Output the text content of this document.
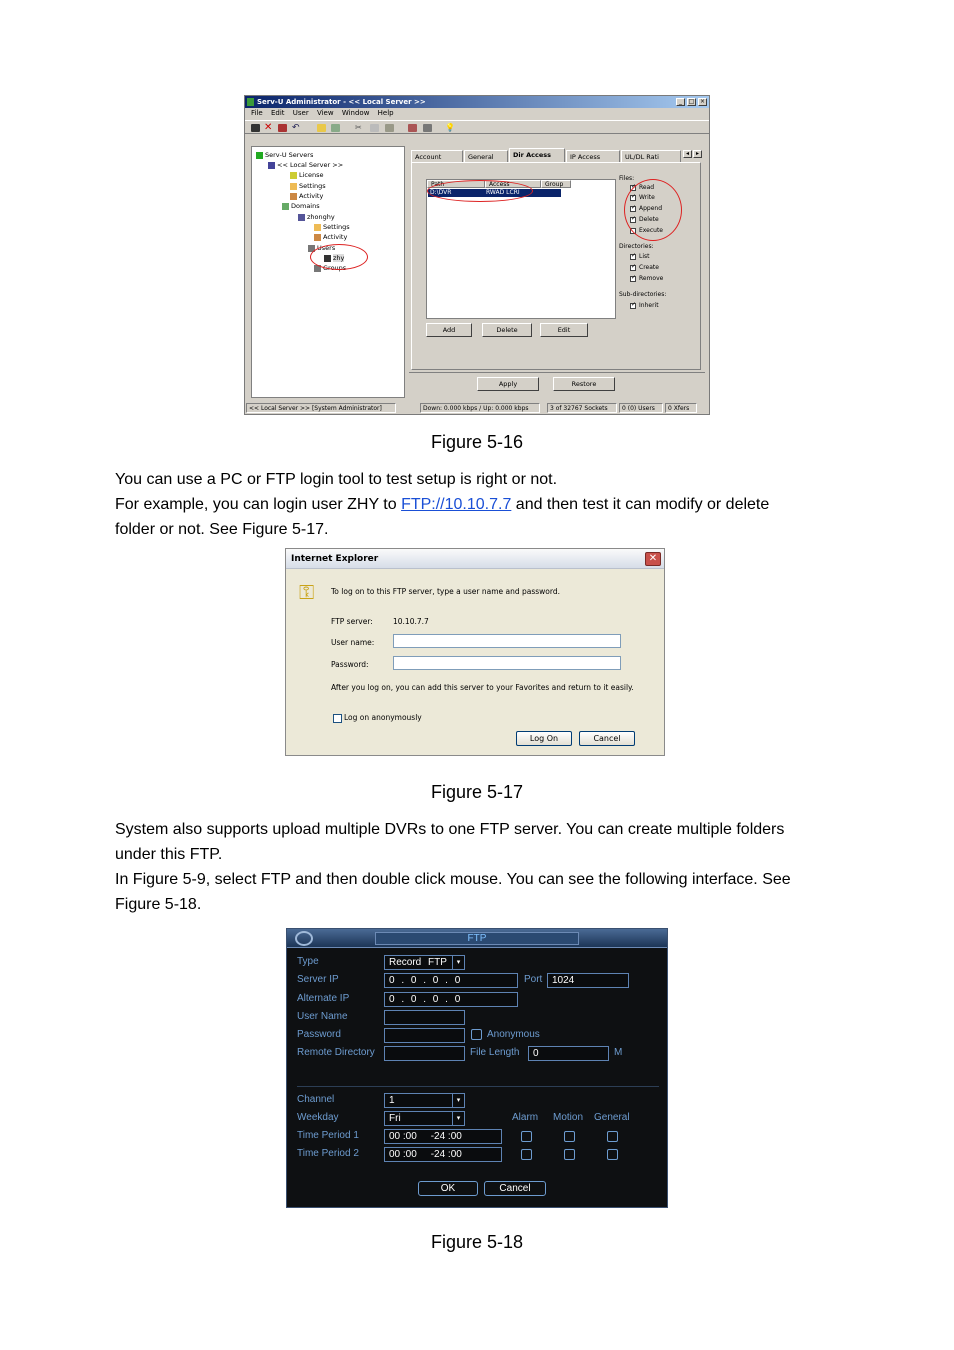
Serv-U Administrator - << Local Server >>	_	□ ×
File Edit User View Window Help
✕ ↶	✂	💡
Serv-U Servers
<< Local Server >>
License
Settings
Activity
Domains
zhonghy
Settings
Activity
Users
zhy
Groups
Account	General	Dir Access	IP Access	UL/DL Rati	◂	▸
Path	Access	Group
D:\DVR	RWAD LCRI
Files:
✓Read
✓Write
✓Append
✓Delete
Execute
Directories:
✓List
✓Create
✓Remove
Sub-directories:
✓Inherit
Add	Delete	Edit
Apply	Restore
<< Local Server >> [System Administrator]	Down: 0.000 kbps / Up: 0.000 kbps	3 of 32767 Sockets	0 (0) Users	0 Xfers
Figure 5-16
You can use a PC or FTP login tool to test setup is right or not.
For example, you can login user ZHY to FTP://10.10.7.7 and then test it can modify or delete
folder or not. See Figure 5-17.
Internet Explorer	✕
⚿	To log on to this FTP server, type a user name and password.
FTP server:	10.10.7.7
User name:
Password:
After you log on, you can add this server to your Favorites and return to it easily.
Log on anonymously
Log On	Cancel
Figure 5-17
System also supports upload multiple DVRs to one FTP server. You can create multiple folders
under this FTP.
In Figure 5-9, select FTP and then double click mouse. You can see the following interface. See
Figure 5-18.
FTP
Type	Record FTP	▾
Server IP	0 . 0 . 0 . 0	Port 1024
Alternate IP	0 . 0 . 0 . 0
User Name
Password	Anonymous
Remote Directory	File Length	0	M
Channel	1	▾
Weekday	Fri	▾	Alarm Motion General
Time Period 1	00 :00     -24 :00
Time Period 2	00 :00     -24 :00
OK	Cancel
Figure 5-18
